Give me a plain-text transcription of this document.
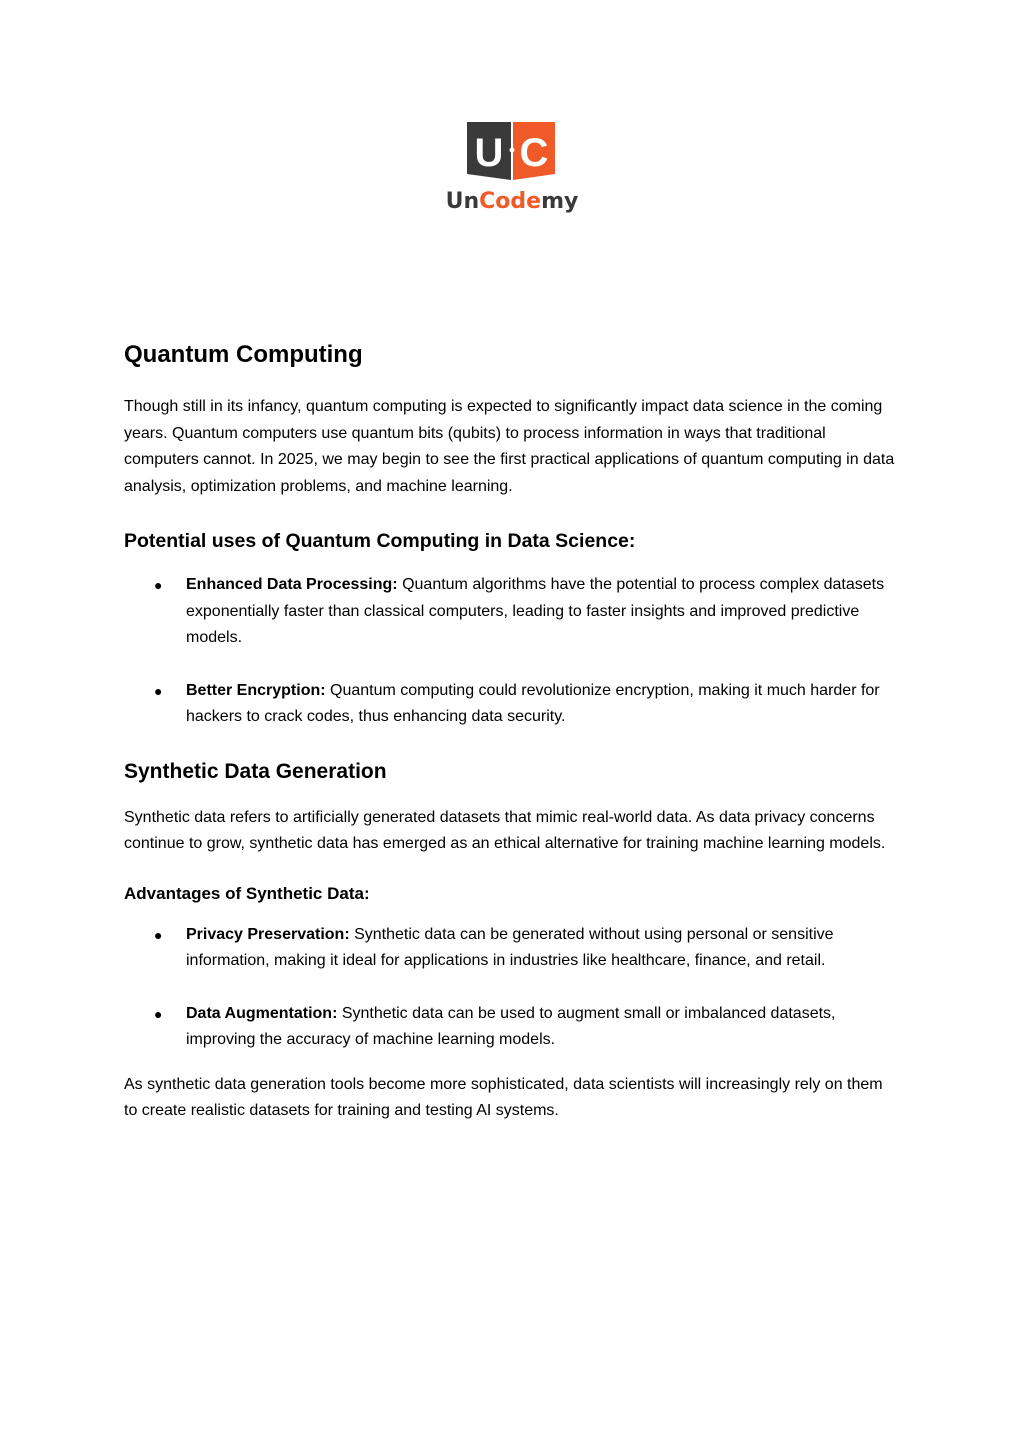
U C
UnCodemy
Quantum Computing

Though still in its infancy, quantum computing is expected to significantly impact data science in the coming years. Quantum computers use quantum bits (qubits) to process information in ways that traditional computers cannot. In 2025, we may begin to see the first practical applications of quantum computing in data analysis, optimization problems, and machine learning.

Potential uses of Quantum Computing in Data Science:
● Enhanced Data Processing: Quantum algorithms have the potential to process complex datasets exponentially faster than classical computers, leading to faster insights and improved predictive models.
● Better Encryption: Quantum computing could revolutionize encryption, making it much harder for hackers to crack codes, thus enhancing data security.
Synthetic Data Generation

Synthetic data refers to artificially generated datasets that mimic real-world data. As data privacy concerns continue to grow, synthetic data has emerged as an ethical alternative for training machine learning models.

Advantages of Synthetic Data:
● Privacy Preservation: Synthetic data can be generated without using personal or sensitive information, making it ideal for applications in industries like healthcare, finance, and retail.
● Data Augmentation: Synthetic data can be used to augment small or imbalanced datasets, improving the accuracy of machine learning models.

As synthetic data generation tools become more sophisticated, data scientists will increasingly rely on them to create realistic datasets for training and testing AI systems.
